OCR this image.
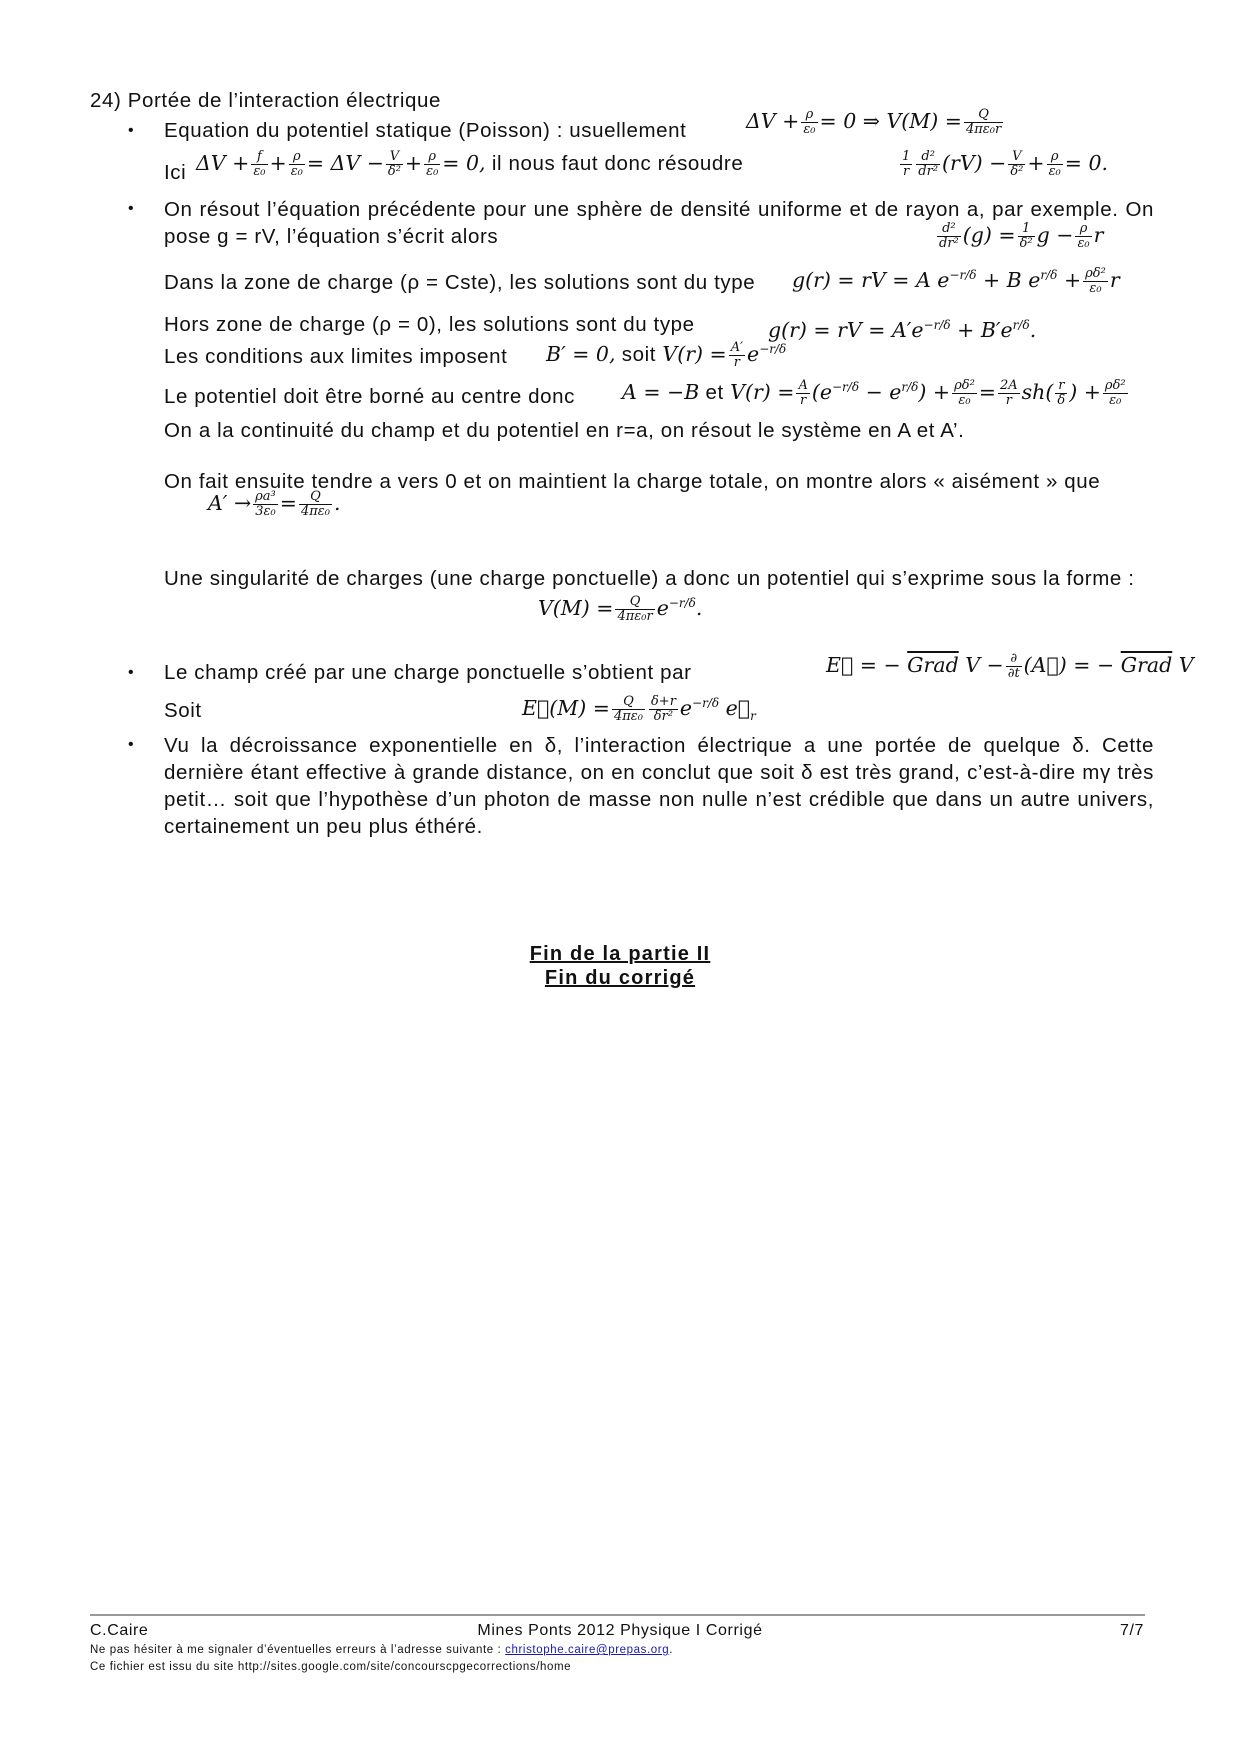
24) Portée de l’interaction électrique
• Equation du potentiel statique (Poisson) : usuellement	$\Delta V + \frac{\rho}{\text{ε₀}} = 0$ ⇒ $V(M) = \frac{Q}{\text{4πε₀r}}$
Ici $\Delta V + \frac{f}{\text{ε₀}} + \frac{\rho}{\text{ε₀}} = \Delta V - \frac{V}{\text{δ²}} + \frac{\rho}{\text{ε₀}} = 0$, il nous faut donc résoudre	$\frac{1}{r} \frac{\text{d²}}{\text{dr²}} (rV) - \frac{V}{\text{δ²}} + \frac{\rho}{\text{ε₀}} = 0$.
• On résout l’équation précédente pour une sphère de densité uniforme et de rayon a, par exemple. On pose g = rV, l’équation s’écrit alors	$\frac{\text{d²}}{\text{dr²}} (g) = \frac{1}{\text{δ²}}$ $g - \frac{\rho}{\text{ε₀}}$ r
Dans la zone de charge (ρ = Cste), les solutions sont du type g(r) = rV = A $e^{-r/\delta} + B$ $e^{r/\delta} + \frac{\text{ρδ²}}{\text{ε₀}}$ r
Hors zone de charge (ρ = 0), les solutions sont du type	g(r) = rV = $A'e^{-r/\delta} + B'e^{r/\delta}$.
Les conditions aux limites imposent B′ = 0, soit $V(r) = \frac{A'}{r} e^{-r/\delta}$
Le potentiel doit être borné au centre donc A = −B et $V(r) = \frac{A}{r} (e^{-r/\delta} - e^{r/\delta}) + \frac{\text{ρδ²}}{\text{ε₀}} = \frac{2A}{r} sh( \frac{r}{\delta}$ ) + $\frac{\text{ρδ²}}{\text{ε₀}}$
On a la continuité du champ et du potentiel en r=a, on résout le système en A et A’.
On fait ensuite tendre a vers 0 et on maintient la charge totale, on montre alors « aisément » que
$A' \to \frac{\text{ρa³}}{\text{3ε₀}} = \frac{Q}{\text{4πε₀}}$ .
Une singularité de charges (une charge ponctuelle) a donc un potentiel qui s’exprime sous la forme :
$V(M) = \frac{Q}{\text{4πε₀r}} e^{-r/\delta}$.
• Le champ créé par une charge ponctuelle s’obtient par	E⃗ = − Grad $V - \frac{\partial}{\partial t}$ (A⃗) = − Grad V
Soit	E⃗(M) = $\frac{Q}{\text{4πε₀}} \frac{\delta+r}{\text{δr²}} e^{-r/\delta}$ $e⃗_r$
• Vu la décroissance exponentielle en δ, l’interaction électrique a une portée de quelque δ. Cette dernière étant effective à grande distance, on en conclut que soit δ est très grand, c’est-à-dire mγ très petit… soit que l’hypothèse d’un photon de masse non nulle n’est crédible que dans un autre univers, certainement un peu plus éthéré.
Fin de la partie II
Fin du corrigé
C.Caire	Mines Ponts 2012 Physique I Corrigé	7/7
Ne pas hésiter à me signaler d’éventuelles erreurs à l’adresse suivante : christophe.caire@prepas.org.
Ce fichier est issu du site http://sites.google.com/site/concourscpgecorrections/home
